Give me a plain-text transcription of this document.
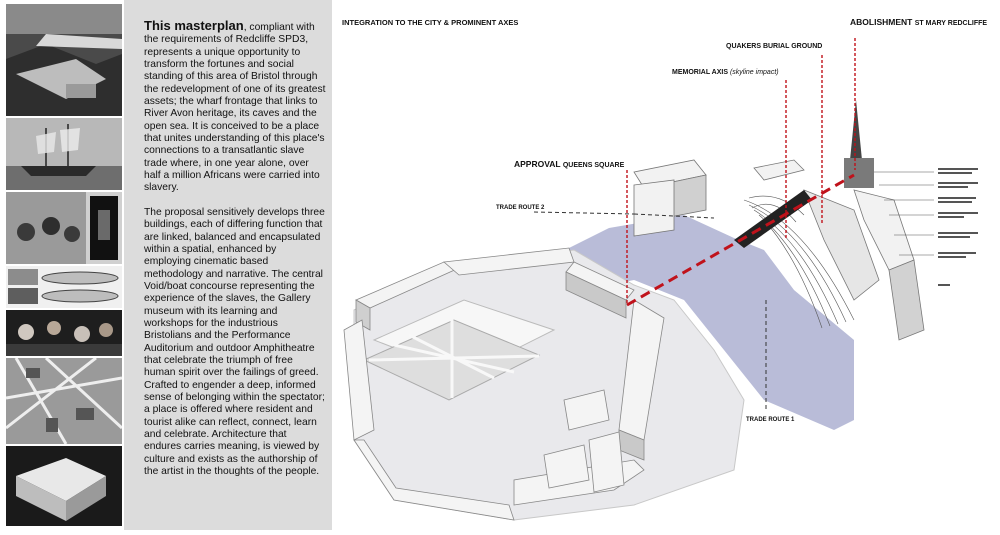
This masterplan, compliant with the requirements of Redcliffe SPD3, represents a unique opportunity to transform the fortunes and social standing of this area of Bristol through the redevelopment of one of its greatest assets; the wharf frontage that links to River Avon heritage, its caves and the open sea. It is conceived to be a place that unites understanding of this place's connections to a transatlantic slave trade where, in one year alone, over half a million Africans were carried into slavery.

The proposal sensitively develops three buildings, each of differing function that are linked, balanced and encapsulated within a spatial, enhanced by employing cinematic based methodology and narrative. The central Void/boat concourse representing the experience of the slaves, the Gallery museum with its learning and workshops for the industrious Bristolians and the Performance Auditorium and outdoor Amphitheatre that celebrate the triumph of free human spirit over the failings of greed. Crafted to engender a deep, informed sense of belonging within the spectator; a place is offered where resident and tourist alike can reflect, connect, learn and celebrate. Architecture that endures carries meaning, is viewed by culture and exists as the authorship of the artist in the thoughts of the people.

INTEGRATION TO THE CITY & PROMINENT AXES	ABOLISHMENT ST MARY REDCLIFFE
QUAKERS BURIAL GROUND
MEMORIAL AXIS (skyline impact)
APPROVAL QUEENS SQUARE
TRADE ROUTE 2
TRADE ROUTE 1
